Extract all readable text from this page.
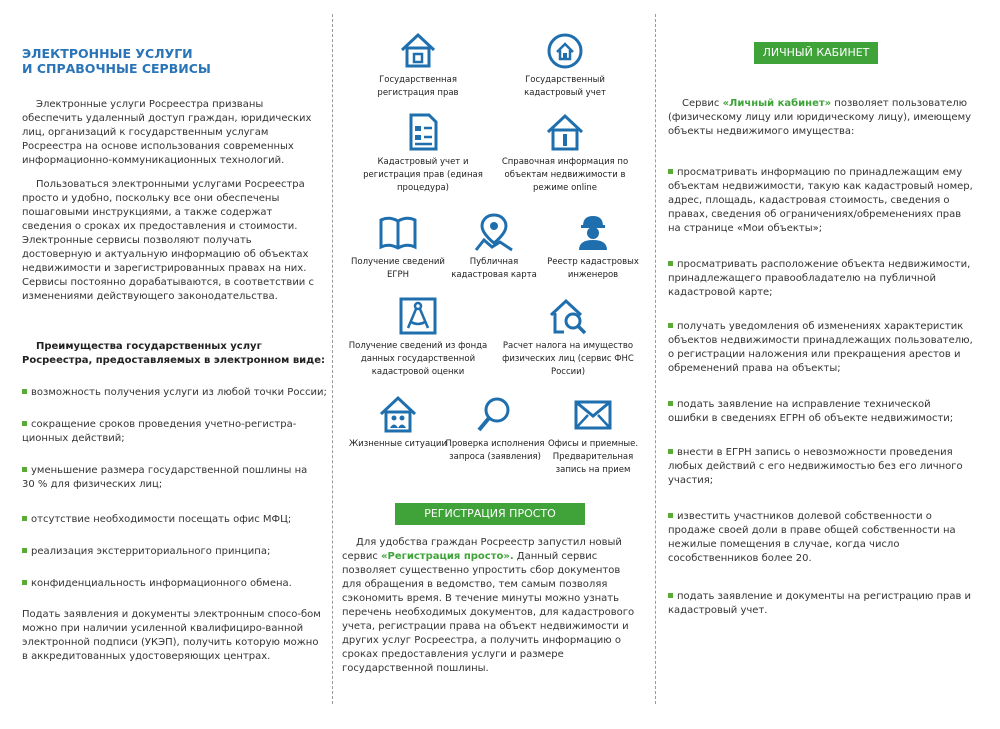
ЭЛЕКТРОННЫЕ УСЛУГИ
И СПРАВОЧНЫЕ СЕРВИСЫ

Электронные услуги Росреестра призваны обеспечить удаленный доступ граждан, юридических лиц, организаций к государственным услугам Росреестра на основе использования современных информационно-коммуникационных технологий.

Пользоваться электронными услугами Росреестра просто и удобно, поскольку все они обеспечены пошаговыми инструкциями, а также содержат сведения о сроках их предоставления и стоимости. Электронные сервисы позволяют получать достоверную и актуальную информацию об объектах недвижимости и зарегистрированных правах на них. Сервисы постоянно дорабатываются, в соответствии с изменениями действующего законодательства.

Преимущества государственных услуг Росреестра, предоставляемых в электронном виде:

возможность получения услуги из любой точки России;
сокращение сроков проведения учетно-регистра-ционных действий;
уменьшение размера государственной пошлины на 30 % для физических лиц;
отсутствие необходимости посещать офис МФЦ;
реализация экстерриториального принципа;
конфиденциальность информационного обмена.

Подать заявления и документы электронным спосо-бом можно при наличии усиленной квалифициро-ванной электронной подписи (УКЭП), получить которую можно в аккредитованных удостоверяющих центрах.

Государственная регистрация прав
Государственный кадастровый учет
Кадастровый учет и регистрация прав (единая процедура)
Справочная информация по объектам недвижимости в режиме online
Получение сведений ЕГРН
Публичная кадастровая карта
Реестр кадастровых инженеров
Получение сведений из фонда данных государственной кадастровой оценки
Расчет налога на имущество физических лиц (сервис ФНС России)
Жизненные ситуации
Проверка исполнения запроса (заявления)
Офисы и приемные. Предварительная запись на прием
РЕГИСТРАЦИЯ ПРОСТО

Для удобства граждан Росреестр запустил новый сервис «Регистрация просто». Данный сервис позволяет существенно упростить сбор документов для обращения в ведомство, тем самым позволяя сэкономить время. В течение минуты можно узнать перечень необходимых документов, для кадастрового учета, регистрации права на объект недвижимости и других услуг Росреестра, а получить информацию о сроках предоставления услуги и размере государственной пошлины.

ЛИЧНЫЙ КАБИНЕТ

Сервис «Личный кабинет» позволяет пользователю (физическому лицу или юридическому лицу), имеющему объекты недвижимого имущества:

просматривать информацию по принадлежащим ему объектам недвижимости, такую как кадастровый номер, адрес, площадь, кадастровая стоимость, сведения о правах, сведения об ограничениях/обременениях прав на странице «Мои объекты»;
просматривать расположение объекта недвижимости, принадлежащего правообладателю на публичной кадастровой карте;
получать уведомления об изменениях характеристик объектов недвижимости принадлежащих пользователю, о регистрации наложения или прекращения арестов и обременений права на объекты;
подать заявление на исправление технической ошибки в сведениях ЕГРН об объекте недвижимости;
внести в ЕГРН запись о невозможности проведения любых действий с его недвижимостью без его личного участия;
известить участников долевой собственности о продаже своей доли в праве общей собственности на нежилые помещения в случае, когда число сособственников более 20.
подать заявление и документы на регистрацию прав и кадастровый учет.
